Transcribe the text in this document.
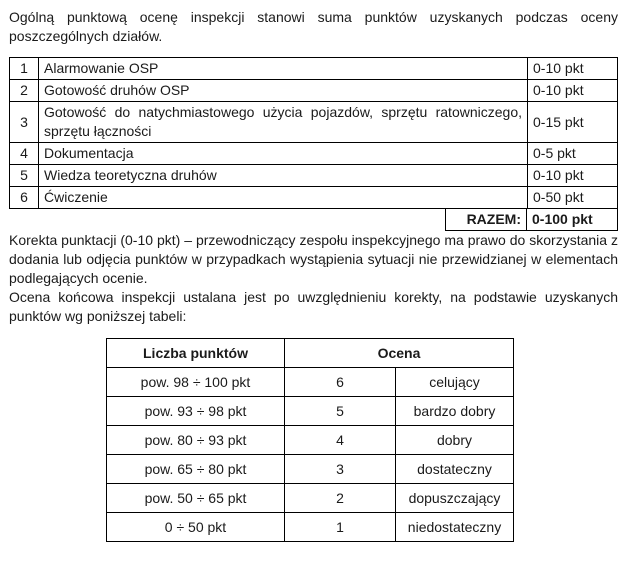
Ogólną punktową ocenę inspekcji stanowi suma punktów uzyskanych podczas oceny poszczególnych działów.

1	Alarmowanie OSP	0-10 pkt
2	Gotowość druhów OSP	0-10 pkt
3	Gotowość do natychmiastowego użycia pojazdów, sprzętu ratowniczego, sprzętu łączności	0-15 pkt
4	Dokumentacja	0-5 pkt
5	Wiedza teoretyczna druhów	0-10 pkt
6	Ćwiczenie	0-50 pkt
RAZEM: 0-100 pkt

Korekta punktacji (0-10 pkt) – przewodniczący zespołu inspekcyjnego ma prawo do skorzystania z dodania lub odjęcia punktów w przypadkach wystąpienia sytuacji nie przewidzianej w elementach podlegających ocenie.

Ocena końcowa inspekcji ustalana jest po uwzględnieniu korekty, na podstawie uzyskanych punktów wg poniższej tabeli:

Liczba punktów	Ocena	
pow. 98 ÷ 100 pkt	6	celujący
pow. 93 ÷ 98 pkt	5	bardzo dobry
pow. 80 ÷ 93 pkt	4	dobry
pow. 65 ÷ 80 pkt	3	dostateczny
pow. 50 ÷ 65 pkt	2	dopuszczający
0 ÷ 50 pkt	1	niedostateczny
